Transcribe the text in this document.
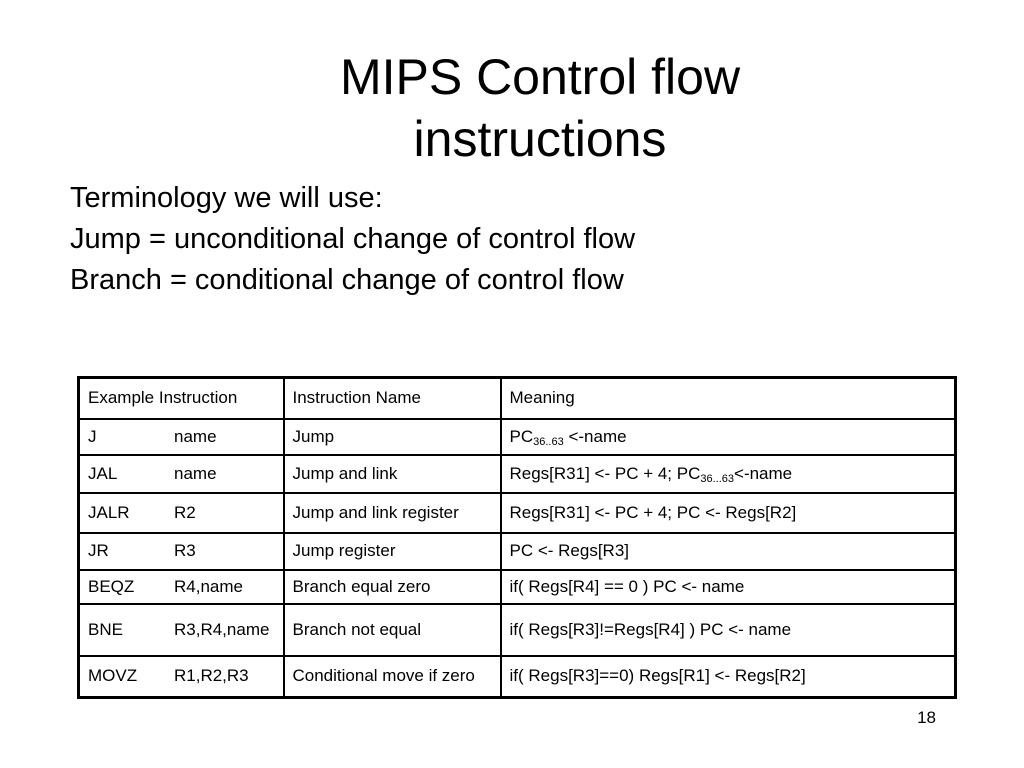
MIPS Control flow
instructions
Terminology we will use:
Jump = unconditional change of control flow
Branch = conditional change of control flow
Example Instruction	Instruction Name	Meaning
J name	Jump	$PC_{36..63}$ <-name
JAL name	Jump and link	Regs[R31] <- PC + 4; $PC_{36...63}<$-name
JALR R2	Jump and link register	Regs[R31] <- PC + 4; PC <- Regs[R2]
JR R3	Jump register	PC <- Regs[R3]
BEQZ R4,name	Branch equal zero	if( Regs[R4] == 0 ) PC <- name
BNE R3,R4,name	Branch not equal	if( Regs[R3]!=Regs[R4] ) PC <- name
MOVZ R1,R2,R3	Conditional move if zero	if( Regs[R3]==0) Regs[R1] <- Regs[R2]
18
